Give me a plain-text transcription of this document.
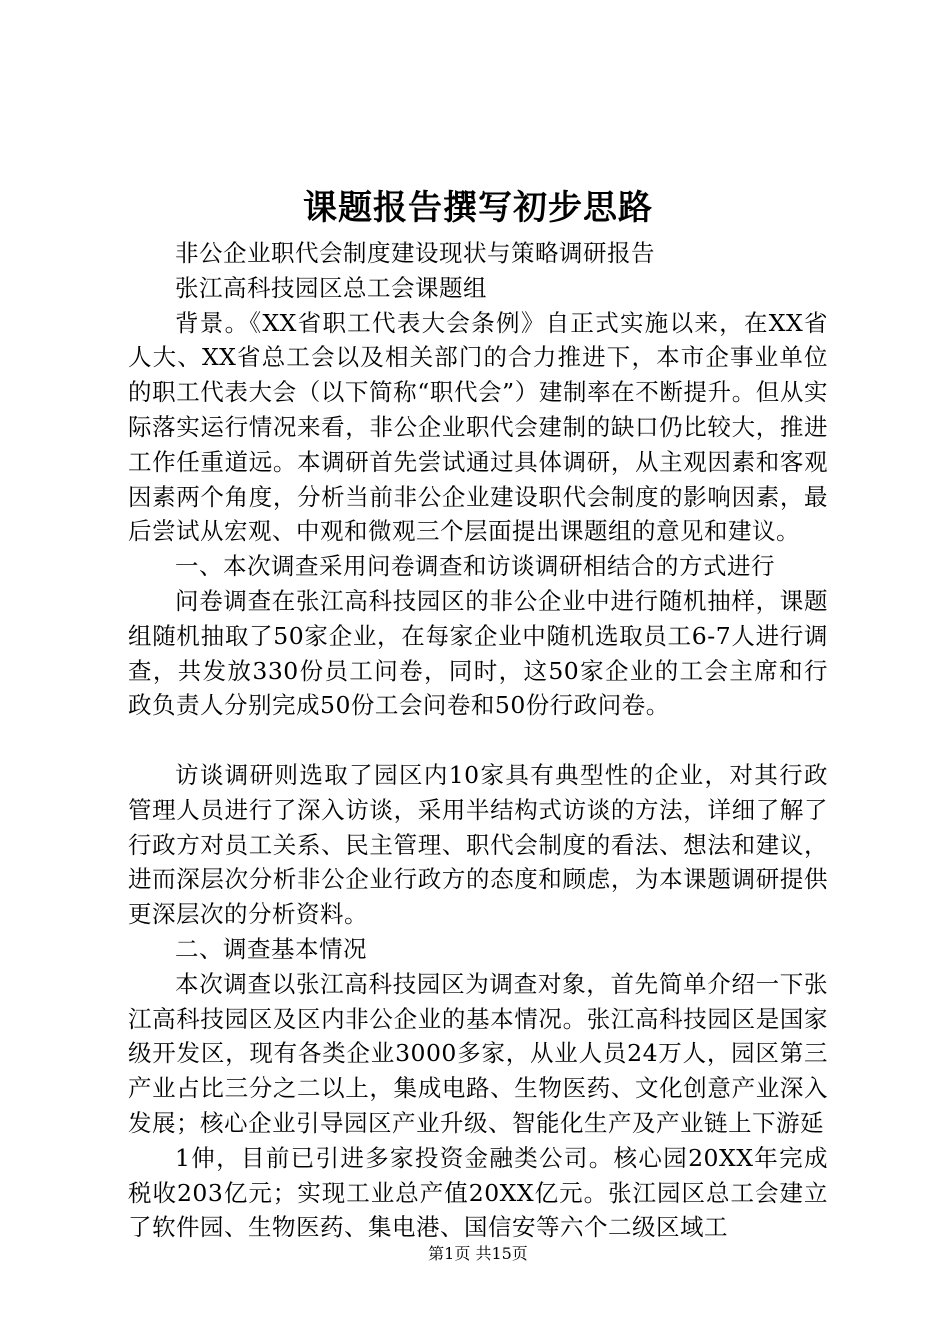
课题报告撰写初步思路

非公企业职代会制度建设现状与策略调研报告

张江高科技园区总工会课题组

背景。《XX省职工代表大会条例》自正式实施以来，在XX省人大、XX省总工会以及相关部门的合力推进下，本市企事业单位的职工代表大会（以下简称“职代会”）建制率在不断提升。但从实际落实运行情况来看，非公企业职代会建制的缺口仍比较大，推进工作任重道远。本调研首先尝试通过具体调研，从主观因素和客观因素两个角度，分析当前非公企业建设职代会制度的影响因素，最后尝试从宏观、中观和微观三个层面提出课题组的意见和建议。

一、本次调查采用问卷调查和访谈调研相结合的方式进行

问卷调查在张江高科技园区的非公企业中进行随机抽样，课题组随机抽取了50家企业，在每家企业中随机选取员工6-7人进行调查，共发放330份员工问卷，同时，这50家企业的工会主席和行政负责人分别完成50份工会问卷和50份行政问卷。

访谈调研则选取了园区内10家具有典型性的企业，对其行政管理人员进行了深入访谈，采用半结构式访谈的方法，详细了解了行政方对员工关系、民主管理、职代会制度的看法、想法和建议，进而深层次分析非公企业行政方的态度和顾虑，为本课题调研提供更深层次的分析资料。

二、调查基本情况

本次调查以张江高科技园区为调查对象，首先简单介绍一下张江高科技园区及区内非公企业的基本情况。张江高科技园区是国家级开发区，现有各类企业3000多家，从业人员24万人，园区第三产业占比三分之二以上，集成电路、生物医药、文化创意产业深入发展；核心企业引导园区产业升级、智能化生产及产业链上下游延

1伸，目前已引进多家投资金融类公司。核心园20XX年完成税收203亿元；实现工业总产值20XX亿元。张江园区总工会建立了软件园、生物医药、集电港、国信安等六个二级区域工

第1页 共15页
